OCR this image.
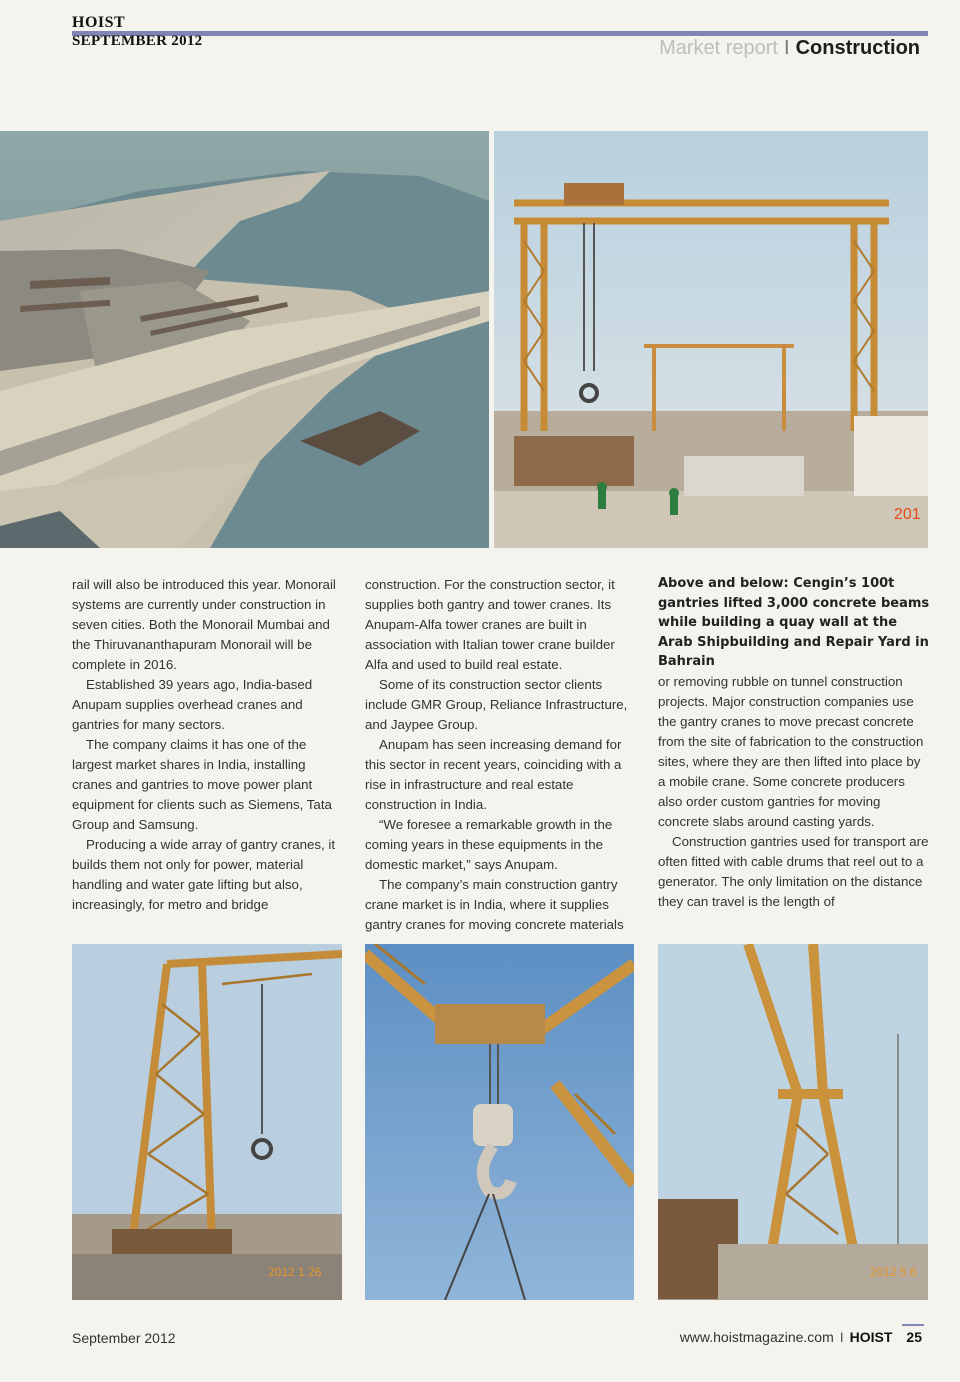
HOIST
SEPTEMBER 2012	Market report I Construction
201

rail will also be introduced this year. Monorail systems are currently under construction in seven cities. Both the Monorail Mumbai and the Thiruvananthapuram Monorail will be complete in 2016.

Established 39 years ago, India-based Anupam supplies overhead cranes and gantries for many sectors.

The company claims it has one of the largest market shares in India, installing cranes and gantries to move power plant equipment for clients such as Siemens, Tata Group and Samsung.

Producing a wide array of gantry cranes, it builds them not only for power, material handling and water gate lifting but also, increasingly, for metro and bridge

construction. For the construction sector, it supplies both gantry and tower cranes. Its Anupam-Alfa tower cranes are built in association with Italian tower crane builder Alfa and used to build real estate.

Some of its construction sector clients include GMR Group, Reliance Infrastructure, and Jaypee Group.

Anupam has seen increasing demand for this sector in recent years, coinciding with a rise in infrastructure and real estate construction in India.

“We foresee a remarkable growth in the coming years in these equipments in the domestic market,” says Anupam.

The company’s main construction gantry crane market is in India, where it supplies gantry cranes for moving concrete materials

Above and below: Cengin’s 100t gantries lifted 3,000 concrete beams while building a quay wall at the Arab Shipbuilding and Repair Yard in Bahrain

or removing rubble on tunnel construction projects. Major construction companies use the gantry cranes to move precast concrete from the site of fabrication to the construction sites, where they are then lifted into place by a mobile crane. Some concrete producers also order custom gantries for moving concrete slabs around casting yards.

Construction gantries used for transport are often fitted with cable drums that reel out to a generator. The only limitation on the distance they can travel is the length of

2012 1 26	2012 5 6
September 2012	www.hoistmagazine.com I HOIST 25
